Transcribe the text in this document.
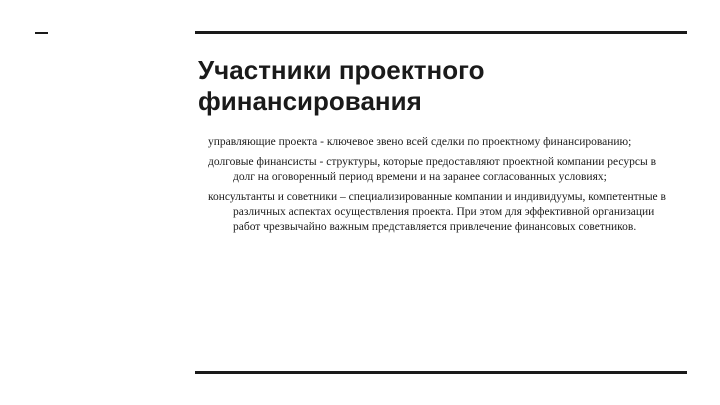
Участники проектного финансирования
управляющие проекта - ключевое звено всей сделки по проектному финансированию;
долговые финансисты - структуры, которые предоставляют проектной компании ресурсы в долг на оговоренный период времени и на заранее согласованных условиях;
консультанты и советники – специализированные компании и индивидуумы, компетентные в различных аспектах осуществления проекта. При этом для эффективной организации работ чрезвычайно важным представляется привлечение финансовых советников.
